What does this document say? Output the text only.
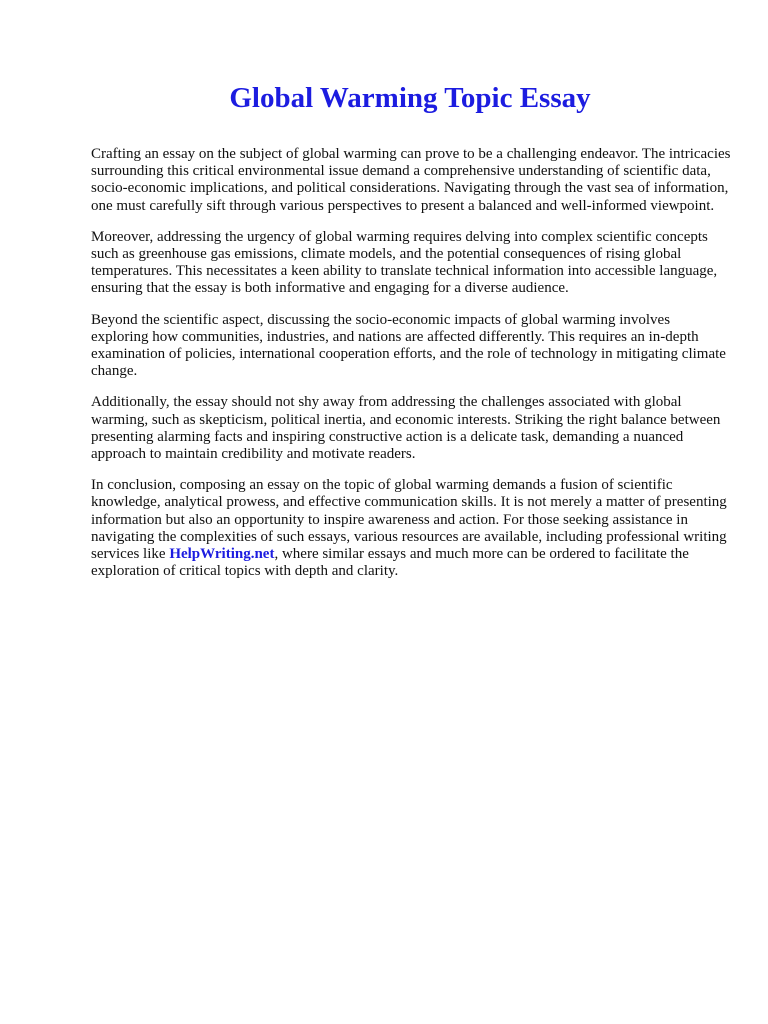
Global Warming Topic Essay

Crafting an essay on the subject of global warming can prove to be a challenging endeavor. The intricacies surrounding this critical environmental issue demand a comprehensive understanding of scientific data, socio-economic implications, and political considerations. Navigating through the vast sea of information, one must carefully sift through various perspectives to present a balanced and well-informed viewpoint.

Moreover, addressing the urgency of global warming requires delving into complex scientific concepts such as greenhouse gas emissions, climate models, and the potential consequences of rising global temperatures. This necessitates a keen ability to translate technical information into accessible language, ensuring that the essay is both informative and engaging for a diverse audience.

Beyond the scientific aspect, discussing the socio-economic impacts of global warming involves exploring how communities, industries, and nations are affected differently. This requires an in-depth examination of policies, international cooperation efforts, and the role of technology in mitigating climate change.

Additionally, the essay should not shy away from addressing the challenges associated with global warming, such as skepticism, political inertia, and economic interests. Striking the right balance between presenting alarming facts and inspiring constructive action is a delicate task, demanding a nuanced approach to maintain credibility and motivate readers.

In conclusion, composing an essay on the topic of global warming demands a fusion of scientific knowledge, analytical prowess, and effective communication skills. It is not merely a matter of presenting information but also an opportunity to inspire awareness and action. For those seeking assistance in navigating the complexities of such essays, various resources are available, including professional writing services like HelpWriting.net, where similar essays and much more can be ordered to facilitate the exploration of critical topics with depth and clarity.
